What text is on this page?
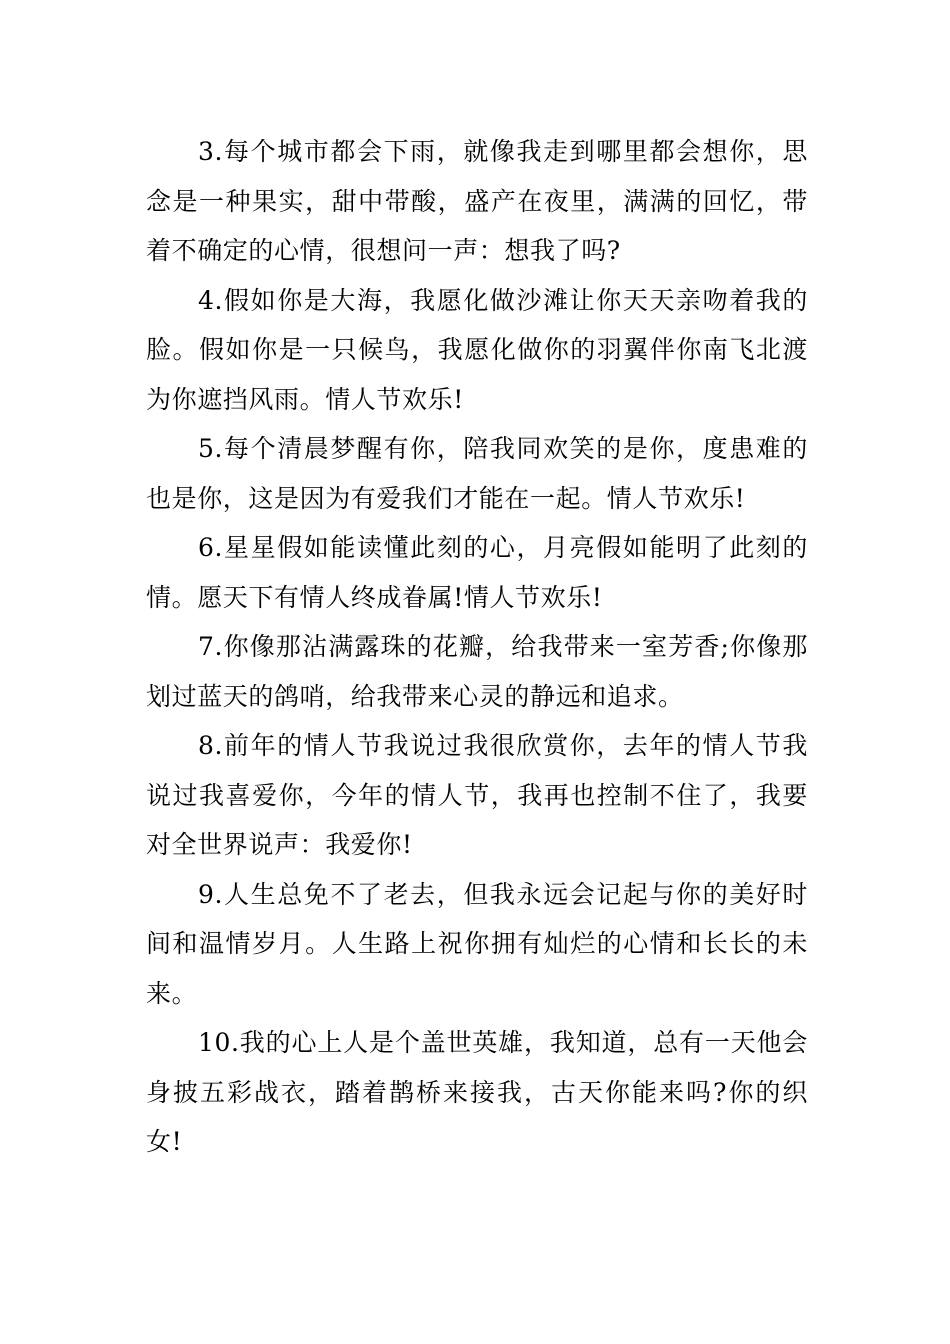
3.每个城市都会下雨，就像我走到哪里都会想你，思念是一种果实，甜中带酸，盛产在夜里，满满的回忆，带着不确定的心情，很想问一声：想我了吗?

4.假如你是大海，我愿化做沙滩让你天天亲吻着我的脸。假如你是一只候鸟，我愿化做你的羽翼伴你南飞北渡为你遮挡风雨。情人节欢乐!

5.每个清晨梦醒有你，陪我同欢笑的是你，度患难的也是你，这是因为有爱我们才能在一起。情人节欢乐!

6.星星假如能读懂此刻的心，月亮假如能明了此刻的情。愿天下有情人终成眷属!情人节欢乐!

7.你像那沾满露珠的花瓣，给我带来一室芳香;你像那划过蓝天的鸽哨，给我带来心灵的静远和追求。

8.前年的情人节我说过我很欣赏你，去年的情人节我说过我喜爱你，今年的情人节，我再也控制不住了，我要对全世界说声：我爱你!

9.人生总免不了老去，但我永远会记起与你的美好时间和温情岁月。人生路上祝你拥有灿烂的心情和长长的未来。

10.我的心上人是个盖世英雄，我知道，总有一天他会身披五彩战衣，踏着鹊桥来接我，古天你能来吗?你的织女!
